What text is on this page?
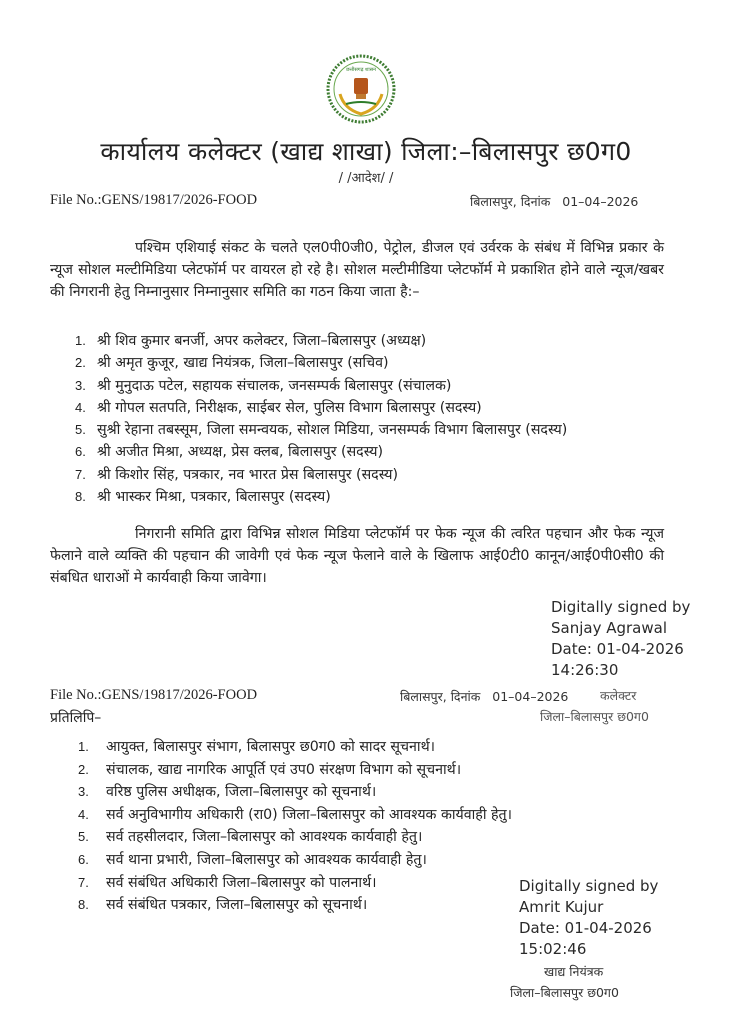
छत्तीसगढ़ शासन
कार्यालय कलेक्टर (खाद्य शाखा) जिला:–बिलासपुर छ0ग0
/ /आदेश/ /
File No.:GENS/19817/2026-FOOD	बिलासपुर, दिनांक   01–04–2026
पश्चिम एशियाई संकट के चलते एल0पी0जी0, पेट्रोल, डीजल एवं उर्वरक के संबंध में विभिन्न प्रकार के न्यूज सोशल मल्टीमिडिया प्लेटफॉर्म पर वायरल हो रहे है। सोशल मल्टीमीडिया प्लेटफॉर्म मे प्रकाशित होने वाले न्यूज/खबर की निगरानी हेतु निम्नानुसार निम्नानुसार समिति का गठन किया जाता है:–
1. श्री शिव कुमार बनर्जी, अपर कलेक्टर, जिला–बिलासपुर (अध्यक्ष)
2. श्री अमृत कुजूर, खाद्य नियंत्रक, जिला–बिलासपुर (सचिव)
3. श्री मुनुदाऊ पटेल, सहायक संचालक, जनसम्पर्क बिलासपुर (संचालक)
4. श्री गोपल सतपति, निरीक्षक, साईबर सेल, पुलिस विभाग बिलासपुर (सदस्य)
5. सुश्री रेहाना तबस्सूम, जिला समन्वयक, सोशल मिडिया, जनसम्पर्क विभाग बिलासपुर (सदस्य)
6. श्री अजीत मिश्रा, अध्यक्ष, प्रेस क्लब, बिलासपुर (सदस्य)
7. श्री किशोर सिंह, पत्रकार, नव भारत प्रेस बिलासपुर (सदस्य)
8. श्री भास्कर मिश्रा, पत्रकार, बिलासपुर (सदस्य)
निगरानी समिति द्वारा विभिन्न सोशल मिडिया प्लेटफॉर्म पर फेक न्यूज की त्वरित पहचान और फेक न्यूज फेलाने वाले व्यक्ति की पहचान की जावेगी एवं फेक न्यूज फेलाने वाले के खिलाफ आई0टी0 कानून/आई0पी0सी0 की संबधित धाराओं मे कार्यवाही किया जावेगा।
Digitally signed by
Sanjay Agrawal
Date: 01-04-2026
14:26:30
कलेक्टर
File No.:GENS/19817/2026-FOOD	बिलासपुर, दिनांक   01–04–2026
प्रतिलिपि–	जिला–बिलासपुर छ0ग0
1.	आयुक्त, बिलासपुर संभाग, बिलासपुर छ0ग0 को सादर सूचनार्थ।
2.	संचालक, खाद्य नागरिक आपूर्ति एवं उप0 संरक्षण विभाग को सूचनार्थ।
3.	वरिष्ठ पुलिस अधीक्षक, जिला–बिलासपुर को सूचनार्थ।
4.	सर्व अनुविभागीय अधिकारी (रा0) जिला–बिलासपुर को आवश्यक कार्यवाही हेतु।
5.	सर्व तहसीलदार, जिला–बिलासपुर को आवश्यक कार्यवाही हेतु।
6.	सर्व थाना प्रभारी, जिला–बिलासपुर को आवश्यक कार्यवाही हेतु।
7.	सर्व संबंधित अधिकारी जिला–बिलासपुर को पालनार्थ।
8.	सर्व संबंधित पत्रकार, जिला–बिलासपुर को सूचनार्थ।
Digitally signed by
Amrit Kujur
Date: 01-04-2026
15:02:46
खाद्य नियंत्रक
जिला–बिलासपुर छ0ग0
